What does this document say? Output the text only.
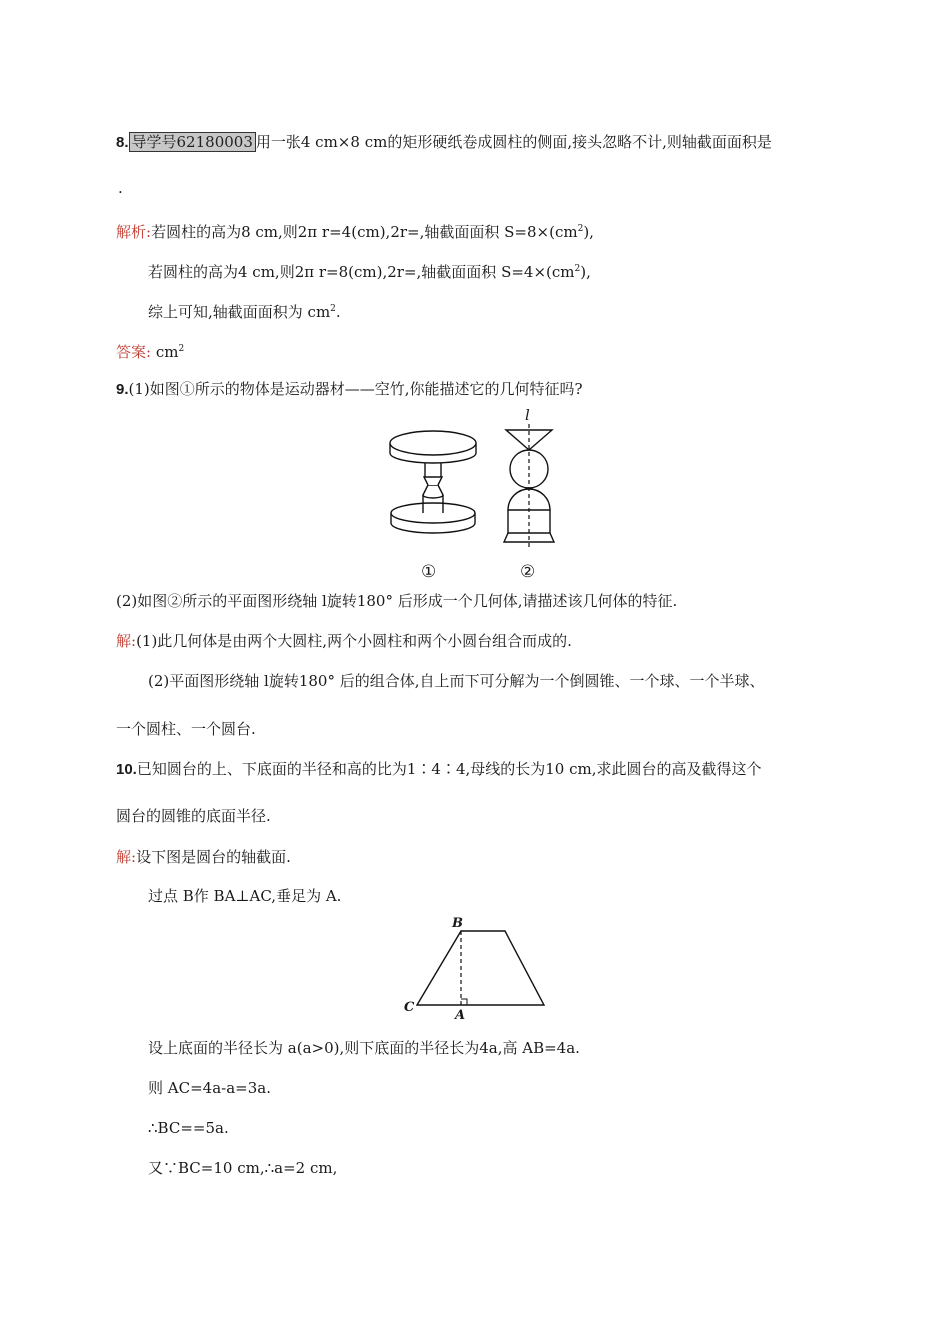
8. 导学号62180003 用一张4 cm×8 cm的矩形硬纸卷成圆柱的侧面,接头忽略不计,则轴截面面积是
.
解析:若圆柱的高为8 cm,则2π r=4(cm),2r=,轴截面面积 $S=8\times(cm^2)$,
若圆柱的高为4 cm,则2π r=8(cm),2r=,轴截面面积 $S=4\times(cm^2)$,
综上可知,轴截面面积为 $cm^2$.
答案: $cm^2$
9.(1)如图①所示的物体是运动器材——空竹,你能描述它的几何特征吗?
①
l
②
(2)如图②所示的平面图形绕轴 l旋转180° 后形成一个几何体,请描述该几何体的特征.
解:(1)此几何体是由两个大圆柱,两个小圆柱和两个小圆台组合而成的.
(2)平面图形绕轴 l旋转180° 后的组合体,自上而下可分解为一个倒圆锥、一个球、一个半球、
一个圆柱、一个圆台.
10.已知圆台的上、下底面的半径和高的比为1∶4∶4,母线的长为10 cm,求此圆台的高及截得这个
圆台的圆锥的底面半径.
解:设下图是圆台的轴截面.
过点 B作 BA⊥AC,垂足为 A.
B
C
A
设上底面的半径长为 a(a>0),则下底面的半径长为4a,高 AB=4a.
则 AC=4a-a=3a.
∴BC==5a.
又∵BC=10 cm,∴a=2 cm,
